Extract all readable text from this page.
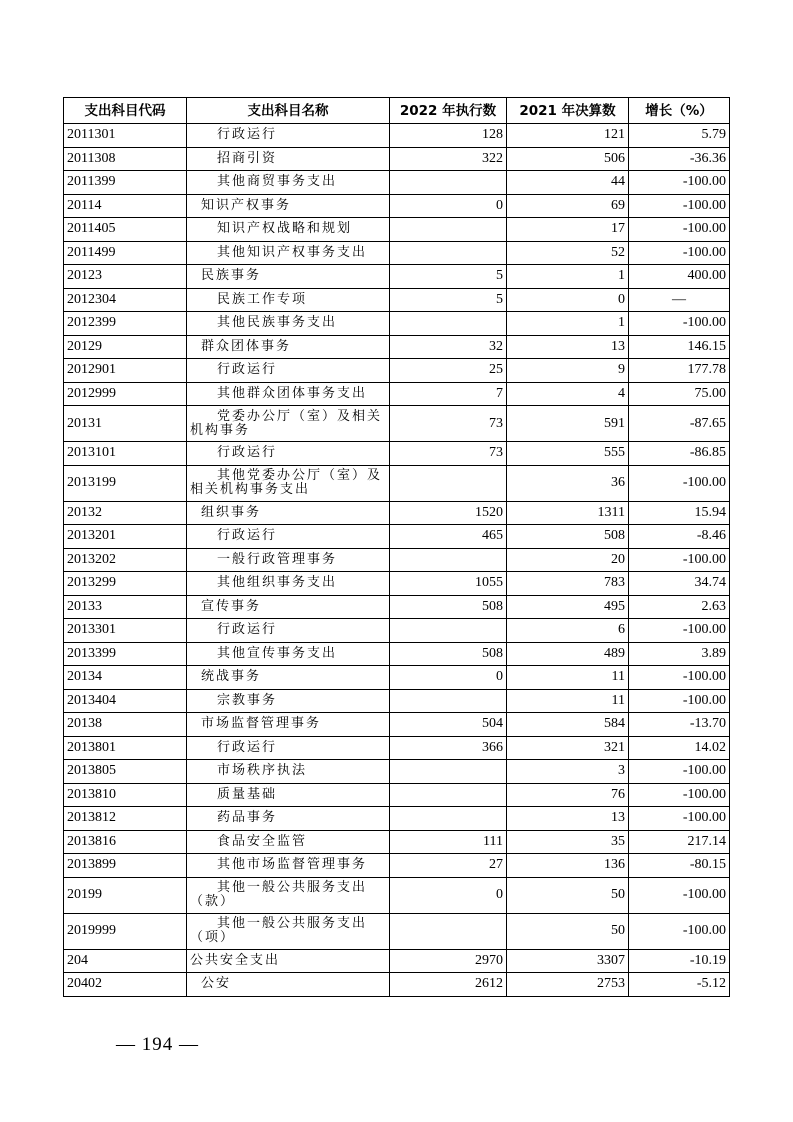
支出科目代码	支出科目名称	2022 年执行数	2021 年决算数	增长（%）
2011301	行政运行	128	121	5.79
2011308	招商引资	322	506	-36.36
2011399	其他商贸事务支出		44	-100.00
20114	知识产权事务	0	69	-100.00
2011405	知识产权战略和规划		17	-100.00
2011499	其他知识产权事务支出		52	-100.00
20123	民族事务	5	1	400.00
2012304	民族工作专项	5	0	—
2012399	其他民族事务支出		1	-100.00
20129	群众团体事务	32	13	146.15
2012901	行政运行	25	9	177.78
2012999	其他群众团体事务支出	7	4	75.00
20131	党委办公厅（室）及相关机构事务	73	591	-87.65
2013101	行政运行	73	555	-86.85
2013199	其他党委办公厅（室）及相关机构事务支出		36	-100.00
20132	组织事务	1520	1311	15.94
2013201	行政运行	465	508	-8.46
2013202	一般行政管理事务		20	-100.00
2013299	其他组织事务支出	1055	783	34.74
20133	宣传事务	508	495	2.63
2013301	行政运行		6	-100.00
2013399	其他宣传事务支出	508	489	3.89
20134	统战事务	0	11	-100.00
2013404	宗教事务		11	-100.00
20138	市场监督管理事务	504	584	-13.70
2013801	行政运行	366	321	14.02
2013805	市场秩序执法		3	-100.00
2013810	质量基础		76	-100.00
2013812	药品事务		13	-100.00
2013816	食品安全监管	111	35	217.14
2013899	其他市场监督管理事务	27	136	-80.15
20199	其他一般公共服务支出（款）	0	50	-100.00
2019999	其他一般公共服务支出（项）		50	-100.00
204	公共安全支出	2970	3307	-10.19
20402	公安	2612	2753	-5.12
— 194 —
